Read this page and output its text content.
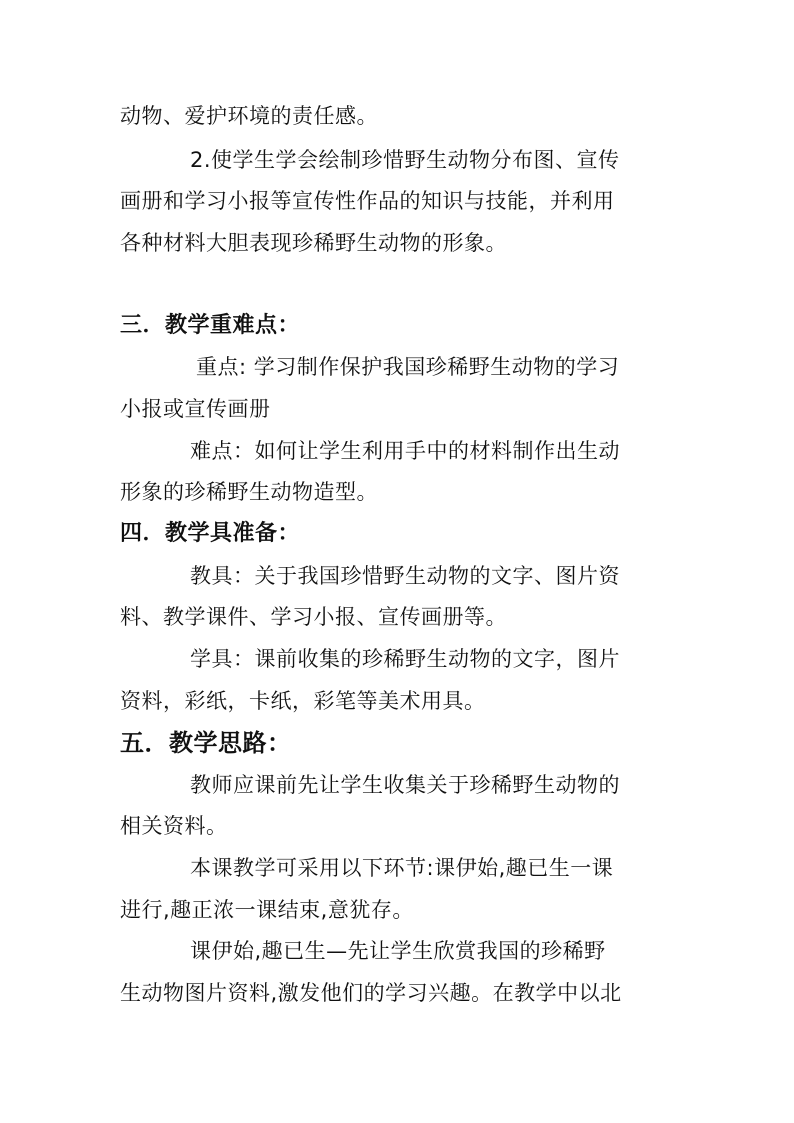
动物、爱护环境的责任感。
2.使学生学会绘制珍惜野生动物分布图、宣传
画册和学习小报等宣传性作品的知识与技能，并利用
各种材料大胆表现珍稀野生动物的形象。
三．教学重难点：
重点: 学习制作保护我国珍稀野生动物的学习
小报或宣传画册
难点：如何让学生利用手中的材料制作出生动
形象的珍稀野生动物造型。
四．教学具准备：
教具：关于我国珍惜野生动物的文字、图片资
料、教学课件、学习小报、宣传画册等。
学具：课前收集的珍稀野生动物的文字，图片
资料，彩纸，卡纸，彩笔等美术用具。
五．教学思路：
教师应课前先让学生收集关于珍稀野生动物的
相关资料。
本课教学可采用以下环节:课伊始,趣已生一课
进行,趣正浓一课结束,意犹存。
课伊始,趣已生—先让学生欣赏我国的珍稀野
生动物图片资料,激发他们的学习兴趣。在教学中以北
